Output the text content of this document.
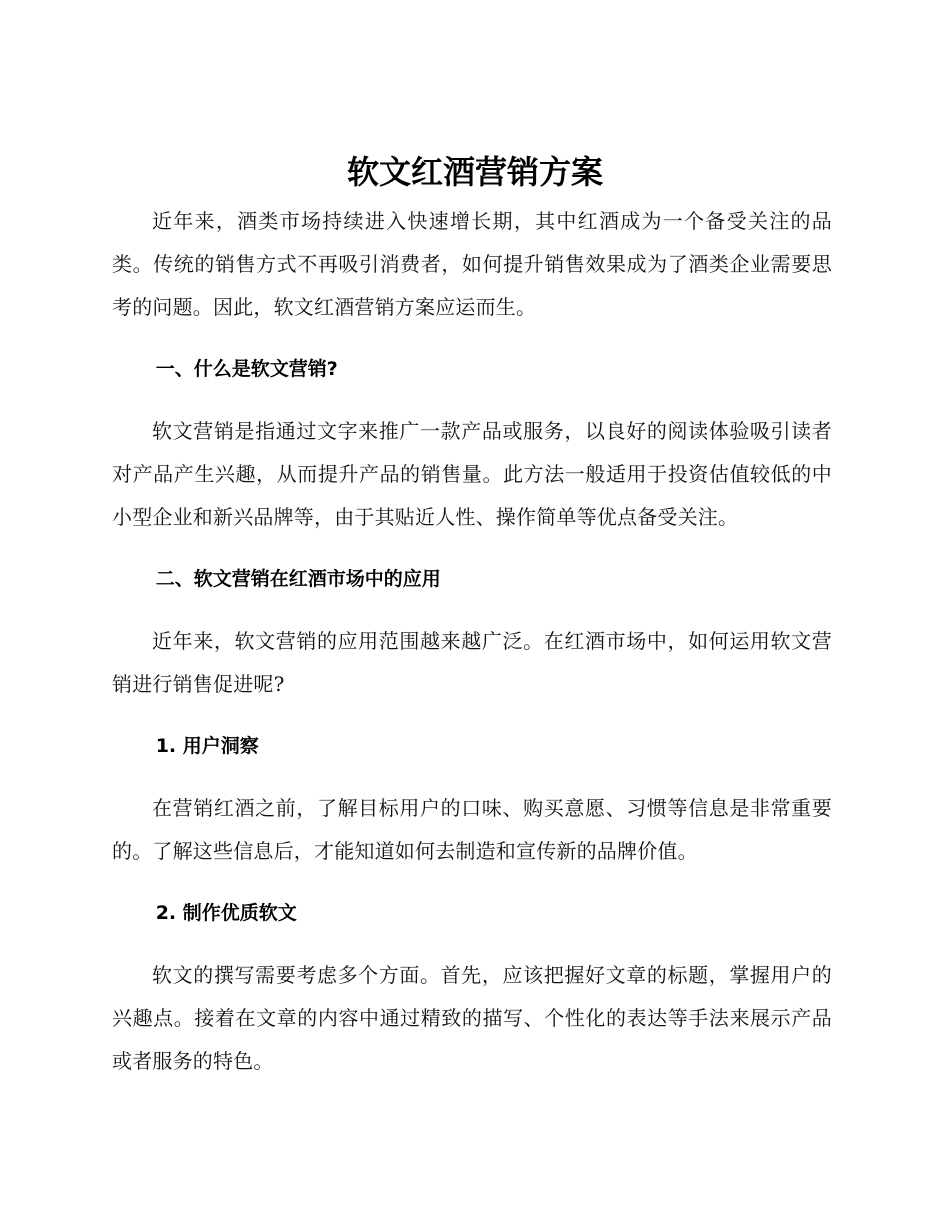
软文红酒营销方案

近年来，酒类市场持续进入快速增长期，其中红酒成为一个备受关注的品类。传统的销售方式不再吸引消费者，如何提升销售效果成为了酒类企业需要思考的问题。因此，软文红酒营销方案应运而生。

一、什么是软文营销?

软文营销是指通过文字来推广一款产品或服务，以良好的阅读体验吸引读者对产品产生兴趣，从而提升产品的销售量。此方法一般适用于投资估值较低的中小型企业和新兴品牌等，由于其贴近人性、操作简单等优点备受关注。

二、软文营销在红酒市场中的应用

近年来，软文营销的应用范围越来越广泛。在红酒市场中，如何运用软文营销进行销售促进呢?

1. 用户洞察

在营销红酒之前，了解目标用户的口味、购买意愿、习惯等信息是非常重要的。了解这些信息后，才能知道如何去制造和宣传新的品牌价值。

2. 制作优质软文

软文的撰写需要考虑多个方面。首先，应该把握好文章的标题，掌握用户的兴趣点。接着在文章的内容中通过精致的描写、个性化的表达等手法来展示产品或者服务的特色。
